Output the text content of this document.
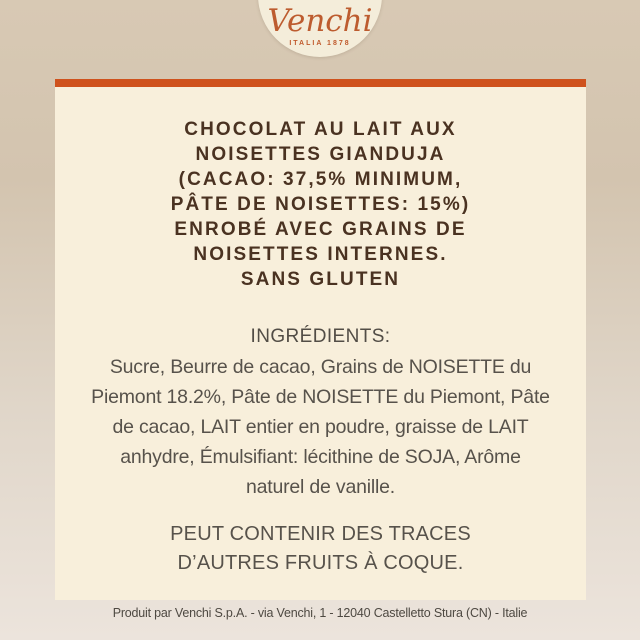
Venchi
ITALIA 1878
CHOCOLAT AU LAIT AUX
NOISETTES GIANDUJA
(CACAO: 37,5% MINIMUM,
PÂTE DE NOISETTES: 15%)
ENROBÉ AVEC GRAINS DE
NOISETTES INTERNES.
SANS GLUTEN
INGRÉDIENTS:
Sucre, Beurre de cacao, Grains de NOISETTE du
Piemont 18.2%, Pâte de NOISETTE du Piemont, Pâte
de cacao, LAIT entier en poudre, graisse de LAIT
anhydre, Émulsifiant: lécithine de SOJA, Arôme
naturel de vanille.
PEUT CONTENIR DES TRACES
D’AUTRES FRUITS À COQUE.
Produit par Venchi S.p.A. - via Venchi, 1 - 12040 Castelletto Stura (CN) - Italie
